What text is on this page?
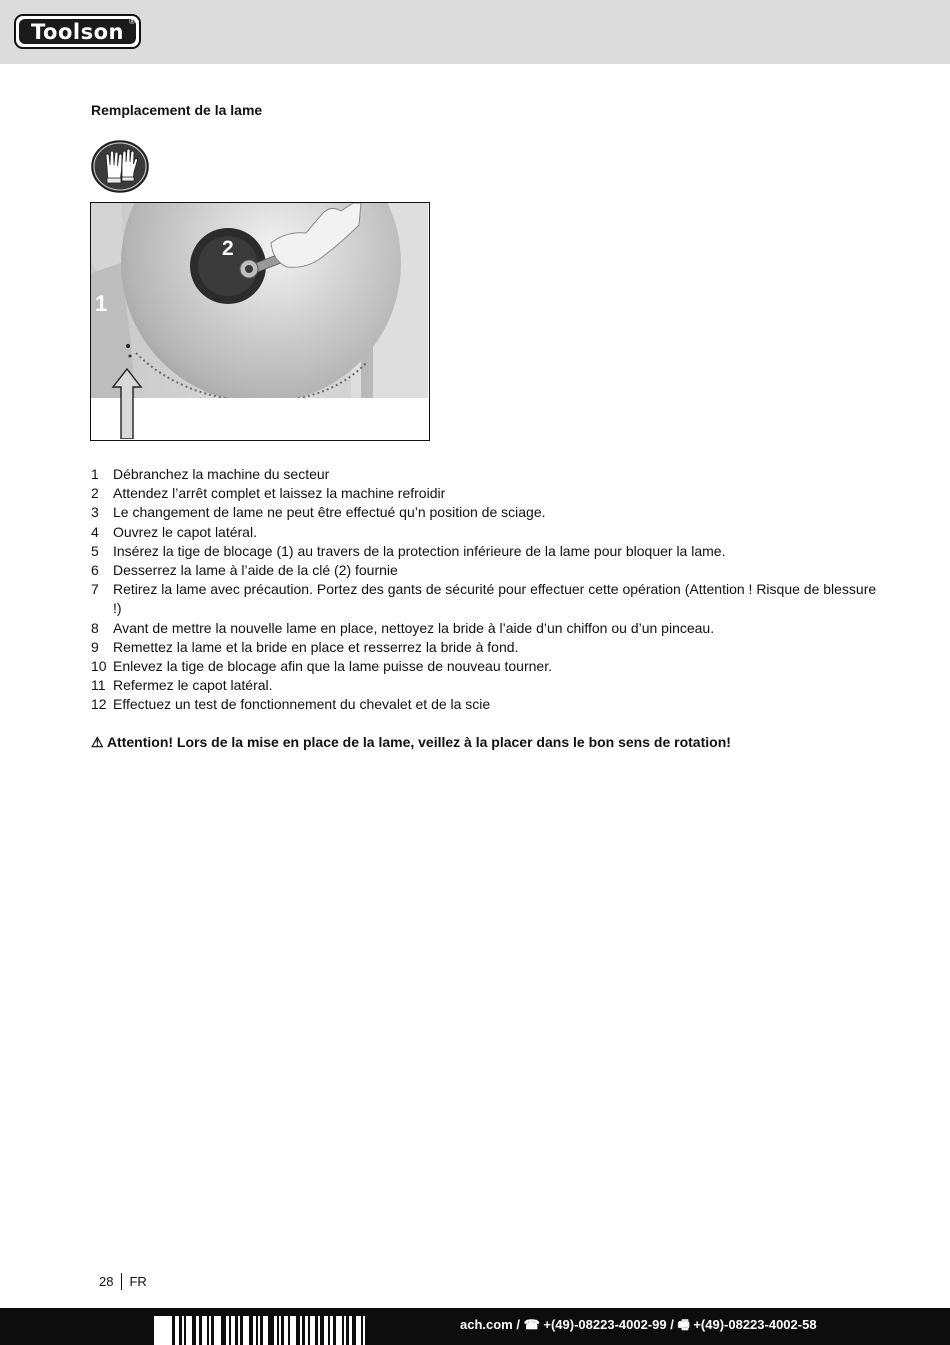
Toolson ®
Remplacement de la lame
1
2
1	Débranchez la machine du secteur
2	Attendez l’arrêt complet et laissez la machine refroidir
3	Le changement de lame ne peut être effectué qu’n position de sciage.
4	Ouvrez le capot latéral.
5	Insérez la tige de blocage (1) au travers de la protection inférieure de la lame pour bloquer la lame.
6	Desserrez la lame à l’aide de la clé (2) fournie
7	Retirez la lame avec précaution. Portez des gants de sécurité pour effectuer cette opération (Attention ! Risque de blessure !)
8	Avant de mettre la nouvelle lame en place, nettoyez la bride à l’aide d’un chiffon ou d’un pinceau.
9	Remettez la lame et la bride en place et resserrez la bride à fond.
10 Enlevez la tige de blocage afin que la lame puisse de nouveau tourner.
11 Refermez le capot latéral.
12 Effectuez un test de fonctionnement du chevalet et de la scie
⚠ Attention! Lors de la mise en place de la lame, veillez à la placer dans le bon sens de rotation!
28 FR
ach.com / ☎ +(49)-08223-4002-99 / 🖷 +(49)-08223-4002-58
